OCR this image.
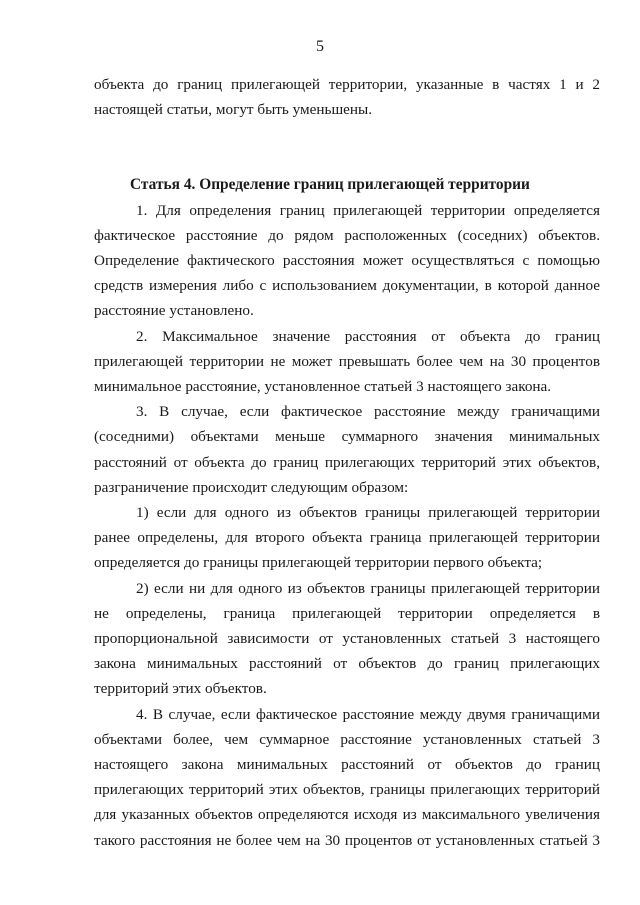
5

объекта до границ прилегающей территории, указанные в частях 1 и 2 настоящей статьи, могут быть уменьшены.

Статья 4. Определение границ прилегающей территории

1. Для определения границ прилегающей территории определяется фактическое расстояние до рядом расположенных (соседних) объектов. Определение фактического расстояния может осуществляться с помощью средств измерения либо с использованием документации, в которой данное расстояние установлено.

2. Максимальное значение расстояния от объекта до границ прилегающей территории не может превышать более чем на 30 процентов минимальное расстояние, установленное статьей 3 настоящего закона.

3. В случае, если фактическое расстояние между граничащими (соседними) объектами меньше суммарного значения минимальных расстояний от объекта до границ прилегающих территорий этих объектов, разграничение происходит следующим образом:

1) если для одного из объектов границы прилегающей территории ранее определены, для второго объекта граница прилегающей территории определяется до границы прилегающей территории первого объекта;

2) если ни для одного из объектов границы прилегающей территории не определены, граница прилегающей территории определяется в пропорциональной зависимости от установленных статьей 3 настоящего закона минимальных расстояний от объектов до границ прилегающих территорий этих объектов.

4. В случае, если фактическое расстояние между двумя граничащими объектами более, чем суммарное расстояние установленных статьей 3 настоящего закона минимальных расстояний от объектов до границ прилегающих территорий этих объектов, границы прилегающих территорий для указанных объектов определяются исходя из максимального увеличения такого расстояния не более чем на 30 процентов от установленных статьей 3
